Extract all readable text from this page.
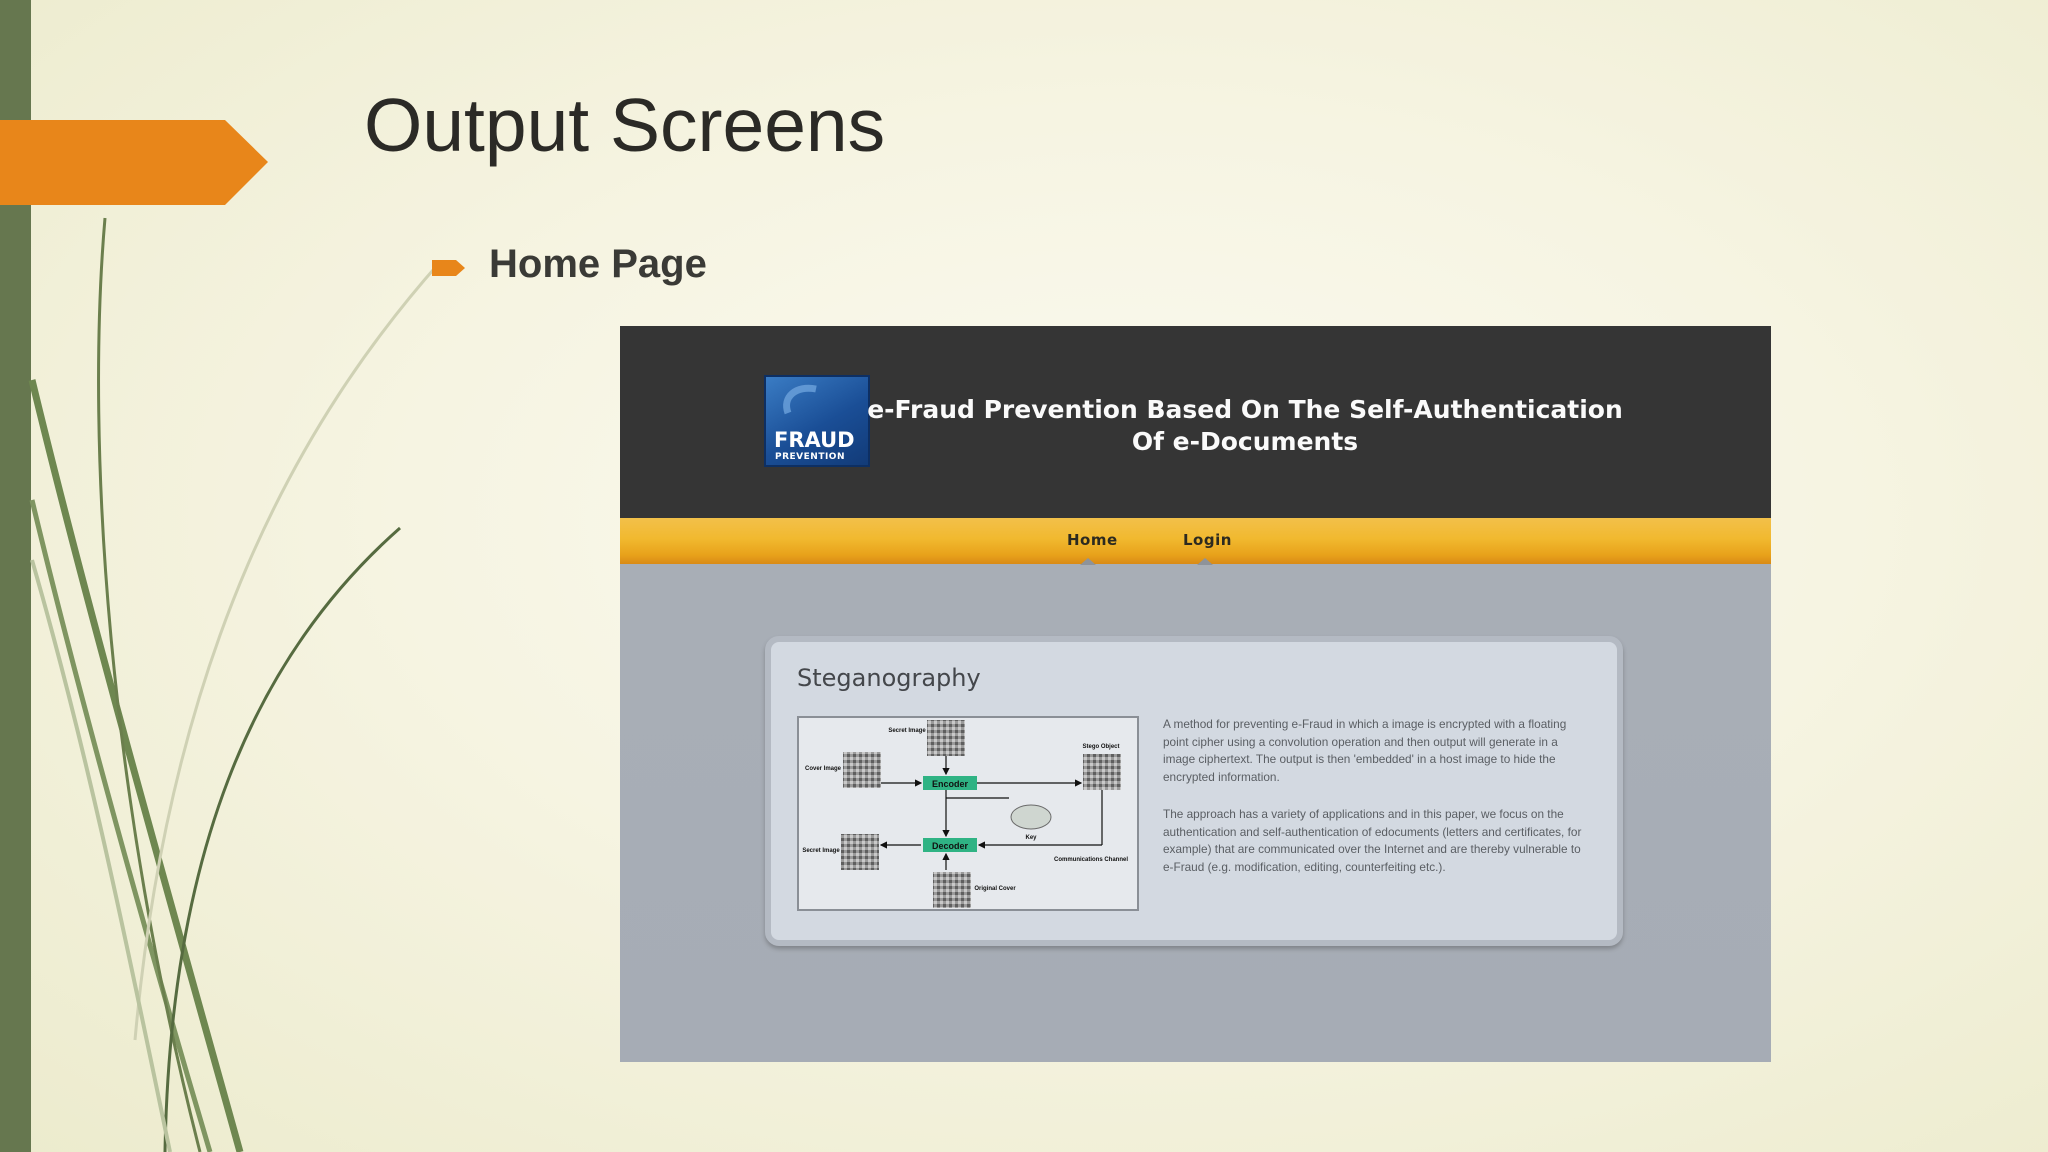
Output Screens
Home Page
FRAUD
PREVENTION
e-Fraud Prevention Based On The Self-Authentication
Of e-Documents
Home	Login
Steganography
Encoder
Decoder
Secret Image
Cover Image
Stego Object
Key
Communications Channel
Secret Image
Original Cover
A method for preventing e-Fraud in which a image is encrypted with a floating point cipher using a convolution operation and then output will generate in a image ciphertext. The output is then 'embedded' in a host image to hide the encrypted information.
The approach has a variety of applications and in this paper, we focus on the authentication and self-authentication of edocuments (letters and certificates, for example) that are communicated over the Internet and are thereby vulnerable to e-Fraud (e.g. modification, editing, counterfeiting etc.).
